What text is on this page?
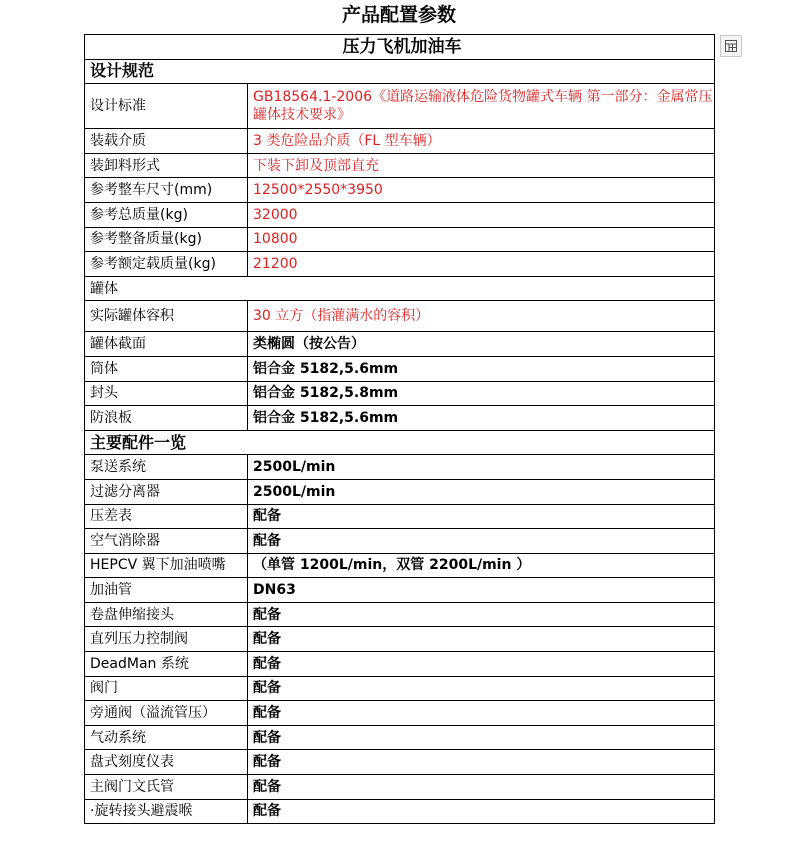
产品配置参数
压力飞机加油车	
设计规范	
设计标准	GB18564.1-2006《道路运输液体危险货物罐式车辆 第一部分：金属常压罐体技术要求》
装载介质	3 类危险品介质（FL 型车辆）
装卸料形式	下装下卸及顶部直充
参考整车尺寸(mm)	12500*2550*3950
参考总质量(kg)	32000
参考整备质量(kg)	10800
参考额定载质量(kg)	21200
罐体	
实际罐体容积	30 立方（指灌满水的容积）
罐体截面	类椭圆（按公告）
筒体	铝合金 5182,5.6mm
封头	铝合金 5182,5.8mm
防浪板	铝合金 5182,5.6mm
主要配件一览	
泵送系统	2500L/min
过滤分离器	2500L/min
压差表	配备
空气消除器	配备
HEPCV 翼下加油喷嘴	（单管 1200L/min，双管 2200L/min ）
加油管	DN63
卷盘伸缩接头	配备
直列压力控制阀	配备
DeadMan 系统	配备
阀门	配备
旁通阀（溢流管压）	配备
气动系统	配备
盘式刻度仪表	配备
主阀门文氏管	配备
·旋转接头避震喉	配备
